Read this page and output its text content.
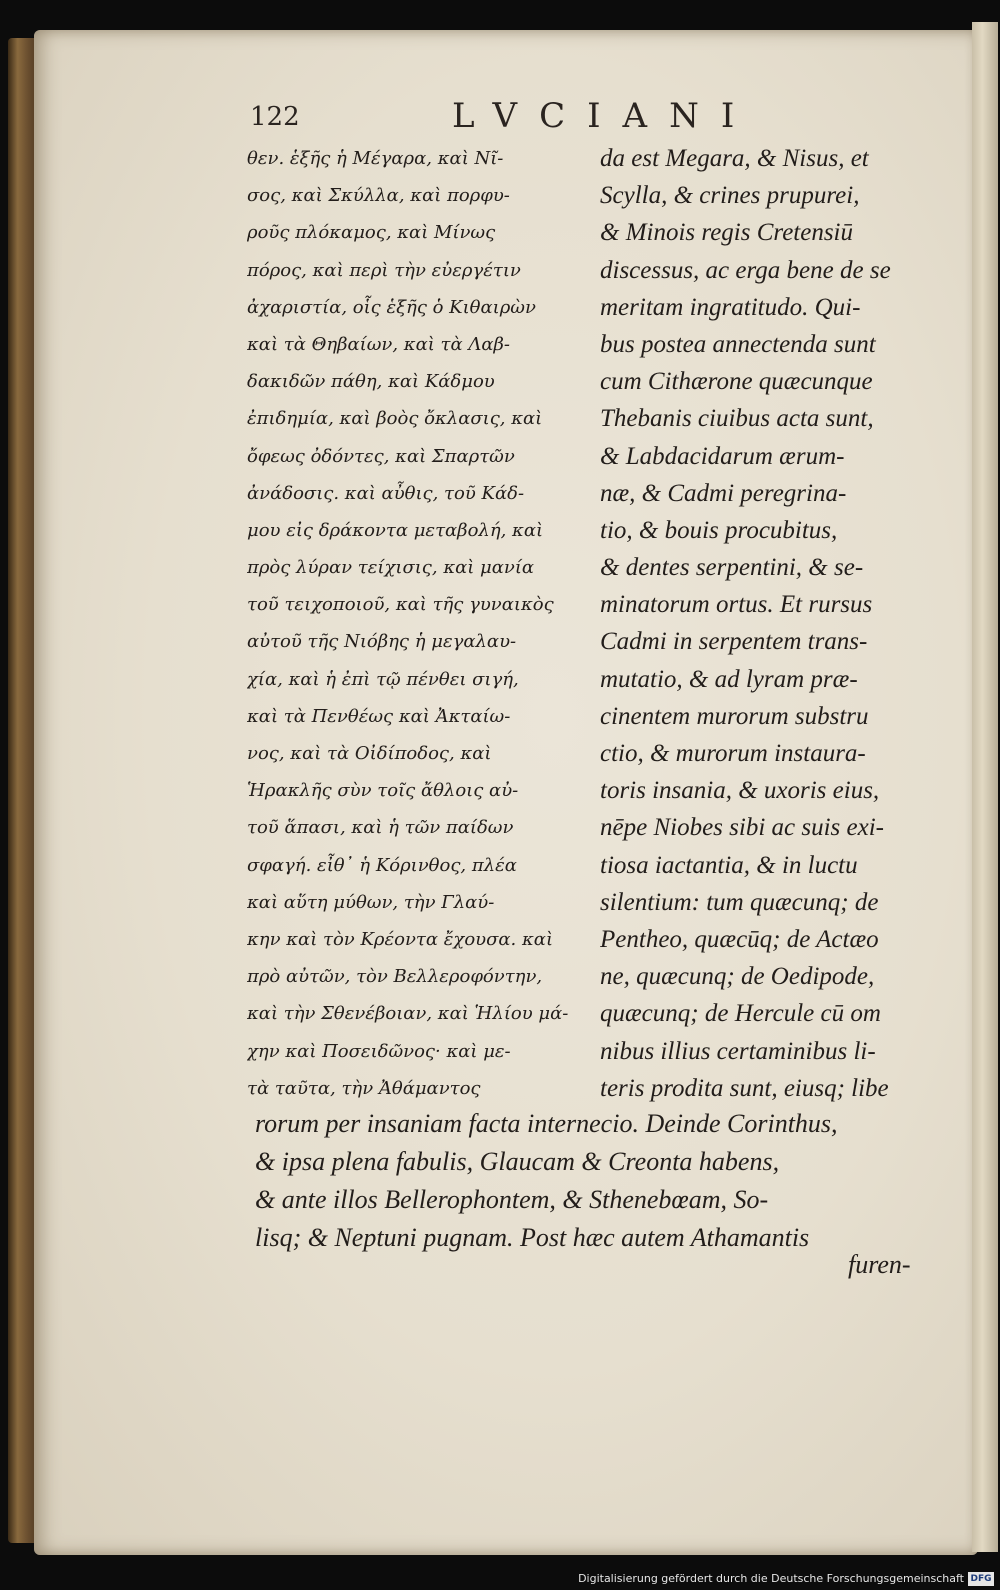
122	LVCIANI
θεν. ἑξῆς ἡ Μέγαρα, καὶ Νῖ-
σος, καὶ Σκύλλα, καὶ πορφυ-
ροῦς πλόκαμος, καὶ Μίνως
πόρος, καὶ περὶ τὴν εὐεργέτιν
ἀχαριστία, οἷς ἑξῆς ὁ Κιθαιρὼν
καὶ τὰ Θηβαίων, καὶ τὰ Λαβ-
δακιδῶν πάθη, καὶ Κάδμου
ἐπιδημία, καὶ βοὸς ὄκλασις, καὶ
ὄφεως ὀδόντες, καὶ Σπαρτῶν
ἀνάδοσις. καὶ αὖθις, τοῦ Κάδ-
μου εἰς δράκοντα μεταβολή, καὶ
πρὸς λύραν τείχισις, καὶ μανία
τοῦ τειχοποιοῦ, καὶ τῆς γυναικὸς
αὐτοῦ τῆς Νιόβης ἡ μεγαλαυ-
χία, καὶ ἡ ἐπὶ τῷ πένθει σιγή,
καὶ τὰ Πενθέως καὶ Ἀκταίω-
νος, καὶ τὰ Οἰδίποδος, καὶ
Ἡρακλῆς σὺν τοῖς ἄθλοις αὐ-
τοῦ ἅπασι, καὶ ἡ τῶν παίδων
σφαγή. εἶθ᾽ ἡ Κόρινθος, πλέα
καὶ αὕτη μύθων, τὴν Γλαύ-
κην καὶ τὸν Κρέοντα ἔχουσα. καὶ
πρὸ αὐτῶν, τὸν Βελλεροφόντην,
καὶ τὴν Σθενέβοιαν, καὶ Ἡλίου μά-
χην καὶ Ποσειδῶνος· καὶ με-
τὰ ταῦτα, τὴν Ἀθάμαντος
da est Megara, & Nisus, et
Scylla, & crines prupurei,
& Minois regis Cretensiū
discessus, ac erga bene de se
meritam ingratitudo. Qui-
bus postea annectenda sunt
cum Cithærone quæcunque
Thebanis ciuibus acta sunt,
& Labdacidarum ærum-
næ, & Cadmi peregrina-
tio, & bouis procubitus,
& dentes serpentini, & se-
minatorum ortus. Et rursus
Cadmi in serpentem trans-
mutatio, & ad lyram præ-
cinentem murorum substru
ctio, & murorum instaura-
toris insania, & uxoris eius,
nēpe Niobes sibi ac suis exi-
tiosa iactantia, & in luctu
silentium: tum quæcunq; de
Pentheo, quæcūq; de Actæo
ne, quæcunq; de Oedipode,
quæcunq; de Hercule cū om
nibus illius certaminibus li-
teris prodita sunt, eiusq; libe
rorum per insaniam facta internecio. Deinde Corinthus,
& ipsa plena fabulis, Glaucam & Creonta habens,
& ante illos Bellerophontem, & Sthenebœam, So-
lisq; & Neptuni pugnam. Post hæc autem Athamantis
furen-
Digitalisierung gefördert durch die Deutsche Forschungsgemeinschaft DFG
